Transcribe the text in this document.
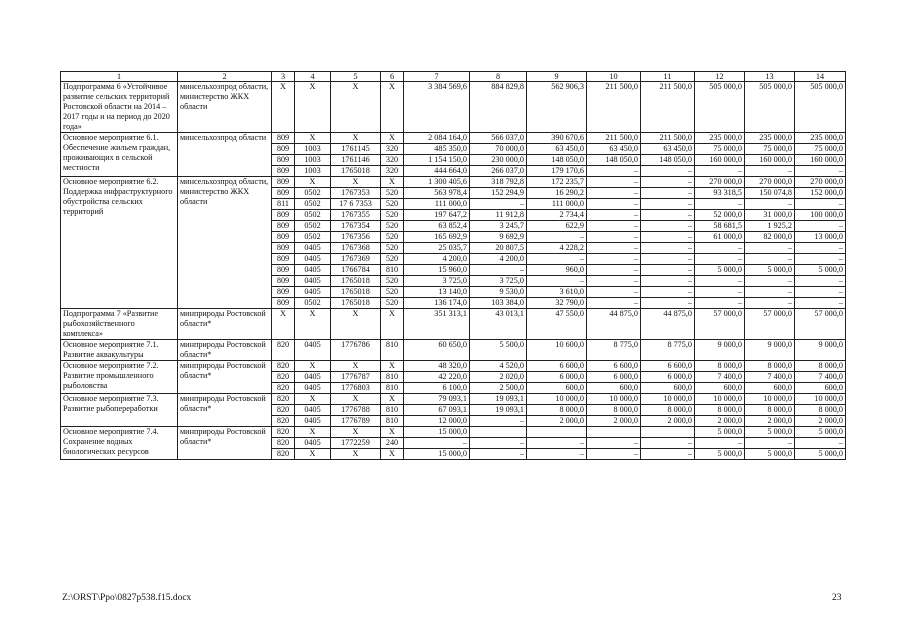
1	2	3	4	5	6	7	8	9	10	11	12	13	14
Подпрограмма 6 «Устойчивое развитие сельских территорий Ростовской области на 2014 – 2017 годы и на период до 2020 года»	минсельхозпрод области, министерство ЖКХ области	X	X	X	X	3 384 569,6	884 829,8	562 906,3	211 500,0	211 500,0	505 000,0	505 000,0	505 000,0
Основное мероприятие 6.1. Обеспечение жильем граждан, проживающих в сельской местности	минсельхозпрод области	809	X	X	X	2 084 164,0	566 037,0	390 670,6	211 500,0	211 500,0	235 000,0	235 000,0	235 000,0
		809	1003	1761145	320	485 350,0	70 000,0	63 450,0	63 450,0	63 450,0	75 000,0	75 000,0	75 000,0
		809	1003	1761146	320	1 154 150,0	230 000,0	148 050,0	148 050,0	148 050,0	160 000,0	160 000,0	160 000,0
		809	1003	1765018	320	444 664,0	266 037,0	179 170,6	–	–	–	–	–
Основное мероприятие 6.2. Поддержка инфраструктурного обустройства сельских территорий	минсельхозпрод области, министерство ЖКХ области	809	X	X	X	1 300 405,6	318 792,8	172 235,7	–	–	270 000,0	270 000,0	270 000,0
		809	0502	1767353	520	563 978,4	152 294,9	16 290,2	–	–	93 318,5	150 074,8	152 000,0
		811	0502	17 6 7353	520	111 000,0	–	111 000,0	–	–	–	–	–
		809	0502	1767355	520	197 647,2	11 912,8	2 734,4	–	–	52 000,0	31 000,0	100 000,0
		809	0502	1767354	520	63 852,4	3 245,7	622,9	–	–	58 681,5	1 925,2	–
		809	0502	1767356	520	165 692,9	9 692,9	–	–	–	61 000,0	82 000,0	13 000,0
		809	0405	1767368	520	25 035,7	20 807,5	4 228,2	–	–	–	–	–
		809	0405	1767369	520	4 200,0	4 200,0	–	–	–	–	–	–
		809	0405	1766784	810	15 960,0	–	960,0	–	–	5 000,0	5 000,0	5 000,0
		809	0405	1765018	520	3 725,0	3 725,0	–	–	–	–	–	–
		809	0405	1765018	520	13 140,0	9 530,0	3 610,0	–	–	–	–	–
		809	0502	1765018	520	136 174,0	103 384,0	32 790,0	–	–	–	–	–
Подпрограмма 7 «Развитие рыбохозяйственного комплекса»	минприроды Ростовской области*	X	X	X	X	351 313,1	43 013,1	47 550,0	44 875,0	44 875,0	57 000,0	57 000,0	57 000,0
Основное мероприятие 7.1. Развитие аквакультуры	минприроды Ростовской области*	820	0405	1776786	810	60 650,0	5 500,0	10 600,0	8 775,0	8 775,0	9 000,0	9 000,0	9 000,0
Основное мероприятие 7.2. Развитие промышленного рыболовства	минприроды Ростовской области*	820	X	X	X	48 320,0	4 520,0	6 600,0	6 600,0	6 600,0	8 000,0	8 000,0	8 000,0
		820	0405	1776787	810	42 220,0	2 020,0	6 000,0	6 000,0	6 000,0	7 400,0	7 400,0	7 400,0
		820	0405	1776803	810	6 100,0	2 500,0	600,0	600,0	600,0	600,0	600,0	600,0
Основное мероприятие 7.3. Развитие рыбопереработки	минприроды Ростовской области*	820	X	X	X	79 093,1	19 093,1	10 000,0	10 000,0	10 000,0	10 000,0	10 000,0	10 000,0
		820	0405	1776788	810	67 093,1	19 093,1	8 000,0	8 000,0	8 000,0	8 000,0	8 000,0	8 000,0
		820	0405	1776789	810	12 000,0	–	2 000,0	2 000,0	2 000,0	2 000,0	2 000,0	2 000,0
Основное мероприятие 7.4. Сохранение водных биологических ресурсов	минприроды Ростовской области*	820	X	X	X	15 000,0					5 000,0	5 000,0	5 000,0
		820	0405	1772259	240	–	–	–	–	–	–	–	–
		820	X	X	X	15 000,0	–	–	–	–	5 000,0	5 000,0	5 000,0
Z:\ORST\Ppo\0827p538.f15.docx	23
